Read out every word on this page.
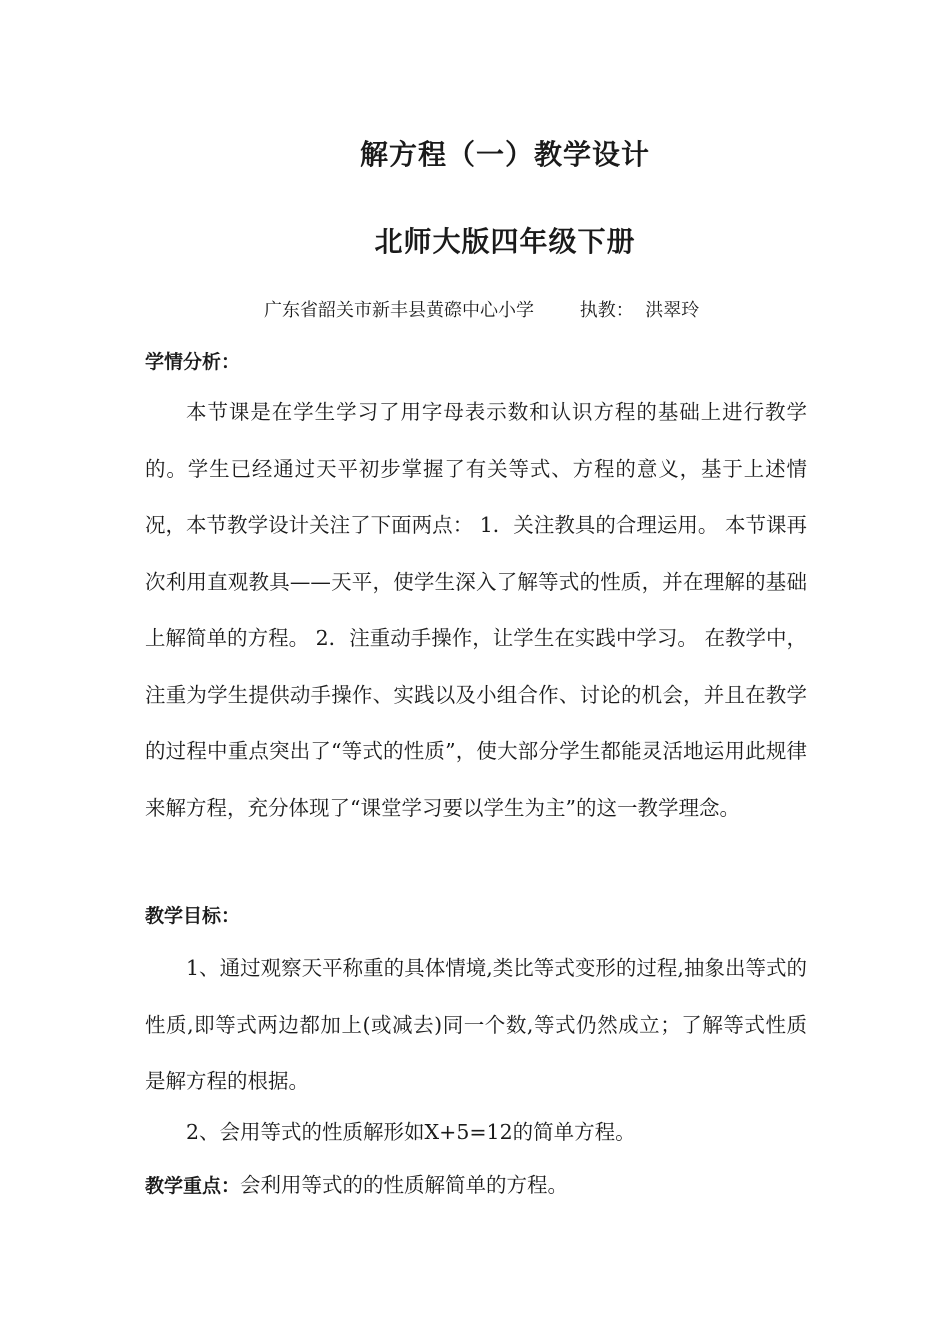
解方程（一）教学设计
北师大版四年级下册
广东省韶关市新丰县黄磜中心小学	执教： 洪翠玲
学情分析：

本节课是在学生学习了用字母表示数和认识方程的基础上进行教学的。学生已经通过天平初步掌握了有关等式、方程的意义，基于上述情况，本节教学设计关注了下面两点： 1．关注教具的合理运用。 本节课再次利用直观教具——天平，使学生深入了解等式的性质，并在理解的基础上解简单的方程。 2．注重动手操作，让学生在实践中学习。 在教学中，注重为学生提供动手操作、实践以及小组合作、讨论的机会，并且在教学的过程中重点突出了“等式的性质”，使大部分学生都能灵活地运用此规律来解方程，充分体现了“课堂学习要以学生为主”的这一教学理念。

教学目标：

1、通过观察天平称重的具体情境,类比等式变形的过程,抽象出等式的性质,即等式两边都加上(或减去)同一个数,等式仍然成立；了解等式性质是解方程的根据。

2、会用等式的性质解形如X+5=12的简单方程。

教学重点：会利用等式的的性质解简单的方程。
